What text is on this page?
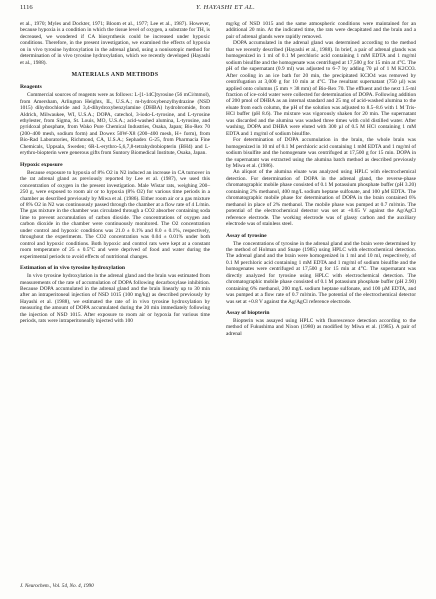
1116	Y. HAYASHI ET AL.

et al., 1970; Myles and Dockter, 1971; Bloom et al., 1977; Lee et al., 1987). However, because hypoxia is a condition in which the tissue level of oxygen, a substrate for TH, is decreased, we wondered if CA biosynthesis could be increased under hypoxic conditions. Therefore, in the present investigation, we examined the effects of hypoxia on in vivo tyrosine hydroxylation in the adrenal gland, using a nonisotopic method for determination of in vivo tyrosine hydroxylation, which we recently developed (Hayashi et al., 1988).

MATERIALS AND METHODS
Reagents

Commercial sources of reagents were as follows: L-[1-14C]tyrosine (56 mCi/mmol), from Amersham, Arlington Heights, IL, U.S.A.; m-hydroxybenzylhydrazine (NSD 1015) dihydrochloride and 3,4-dihydroxybenzylamine (DHBA) hydrobromide, from Aldrich, Milwaukee, WI, U.S.A.; DOPA, catechol, 3-iodo-L-tyrosine, and L-tyrosine ethylester, from Sigma, St. Louis, MO, U.S.A.; acid-washed alumina, L-tyrosine, and pyridoxal phosphate, from Wako Pure Chemical Industries, Osaka, Japan; Bio-Rex 70 (200–400 mesh, sodium form) and Dowex 50W-X8 (200–400 mesh, H+ form), from Bio-Rad Laboratories, Richmond, CA, U.S.A.; Sephadex G-25, from Pharmacia Fine Chemicals, Uppsala, Sweden; 6R-L-erythro-5,6,7,8-tetrahydrobiopterin (BH4) and L-erythro-biopterin were generous gifts from Suntory Biomedical Institute, Osaka, Japan.

Hypoxic exposure

Because exposure to hypoxia of 8% O2 in N2 induced an increase in CA turnover in the rat adrenal gland as previously reported by Lee et al. (1987), we used this concentration of oxygen in the present investigation. Male Wistar rats, weighing 200–250 g, were exposed to room air or to hypoxia (8% O2) for various time periods in a chamber as described previously by Miwa et al. (1986). Either room air or a gas mixture of 8% O2 in N2 was continuously passed through the chamber at a flow rate of 4 L/min. The gas mixture in the chamber was circulated through a CO2 absorber containing soda lime to prevent accumulation of carbon dioxide. The concentrations of oxygen and carbon dioxide in the chamber were continuously monitored. The O2 concentration under control and hypoxic conditions was 21.0 ± 0.1% and 8.0 ± 0.1%, respectively, throughout the experiments. The CO2 concentration was 0.04 ± 0.01% under both control and hypoxic conditions. Both hypoxic and control rats were kept at a constant room temperature of 25 ± 0.5°C and were deprived of food and water during the experimental periods to avoid effects of nutritional changes.

Estimation of in vivo tyrosine hydroxylation

In vivo tyrosine hydroxylation in the adrenal gland and the brain was estimated from measurements of the rate of accumulation of DOPA following decarboxylase inhibition. Because DOPA accumulated in the adrenal gland and the brain linearly up to 30 min after an intraperitoneal injection of NSD 1015 (100 mg/kg) as described previously by Hayashi et al. (1988), we estimated the rate of in vivo tyrosine hydroxylation by measuring the amount of DOPA accumulated during the 20 min immediately following the injection of NSD 1015. After exposure to room air or hypoxia for various time periods, rats were intraperitoneally injected with 100

mg/kg of NSD 1015 and the same atmospheric conditions were maintained for an additional 20 min. At the indicated time, the rats were decapitated and the brain and a pair of adrenal glands were rapidly removed.

DOPA accumulated in the adrenal gland was determined according to the method that we recently described (Hayashi et al., 1988). In brief, a pair of adrenal glands was homogenized in 1 ml of 0.1 M perchloric acid containing 1 mM EDTA and 1 mg/ml sodium bisulfite and the homogenate was centrifuged at 17,500 g for 15 min at 4°C. The pH of the supernatant (0.9 ml) was adjusted to 6–7 by adding 70 µl of 1 M K2CO3. After cooling in an ice bath for 20 min, the precipitated KClO4 was removed by centrifugation at 3,000 g for 10 min at 4°C. The resultant supernatant (750 µl) was applied onto columns (5 mm × 38 mm) of Bio-Rex 70. The effluent and the next 1.5-ml fraction of ice-cold water were collected for determination of DOPA. Following addition of 200 pmol of DHBA as an internal standard and 25 mg of acid-washed alumina to the eluate from each column, the pH of the solution was adjusted to 8.5–8.6 with 1 M Tris-HCl buffer (pH 8.6). The mixture was vigorously shaken for 20 min. The supernatant was discarded and the alumina was washed three times with cold distilled water. After washing, DOPA and DHBA were eluted with 300 µl of 0.5 M HCl containing 1 mM EDTA and 1 mg/ml of sodium bisulfite.

For determination of DOPA accumulation in the brain, the whole brain was homogenized in 10 ml of 0.1 M perchloric acid containing 1 mM EDTA and 1 mg/ml of sodium bisulfite and the homogenate was centrifuged at 17,500 g for 15 min. DOPA in the supernatant was extracted using the alumina batch method as described previously by Miwa et al. (1986).

An aliquot of the alumina eluate was analyzed using HPLC with electrochemical detection. For determination of DOPA in the adrenal gland, the reverse-phase chromatographic mobile phase consisted of 0.1 M potassium phosphate buffer (pH 3.20) containing 2% methanol, 400 mg/L sodium heptane sulfonate, and 100 µM EDTA. The chromatographic mobile phase for determination of DOPA in the brain contained 6% methanol in place of 2% methanol. The mobile phase was pumped at 0.7 ml/min. The potential of the electrochemical detector was set at +0.65 V against the Ag/AgCl reference electrode. The working electrode was of glassy carbon and the auxiliary electrode was of stainless steel.

Assay of tyrosine

The concentrations of tyrosine in the adrenal gland and the brain were determined by the method of Holman and Snape (1985) using HPLC with electrochemical detection. The adrenal gland and the brain were homogenized in 1 ml and 10 ml, respectively, of 0.1 M perchloric acid containing 1 mM EDTA and 1 mg/ml of sodium bisulfite and the homogenates were centrifuged at 17,500 g for 15 min at 4°C. The supernatant was directly analyzed for tyrosine using HPLC with electrochemical detection. The chromatographic mobile phase consisted of 0.1 M potassium phosphate buffer (pH 2.90) containing 6% methanol, 200 mg/L sodium heptane sulfonate, and 100 µM EDTA, and was pumped at a flow rate of 0.7 ml/min. The potential of the electrochemical detector was set at +0.8 V against the Ag/AgCl reference electrode.

Assay of biopterin

Biopterin was assayed using HPLC with fluorescence detection according to the method of Fukushima and Nixon (1980) as modified by Miwa et al. (1985). A pair of adrenal

J. Neurochem., Vol. 54, No. 4, 1990
